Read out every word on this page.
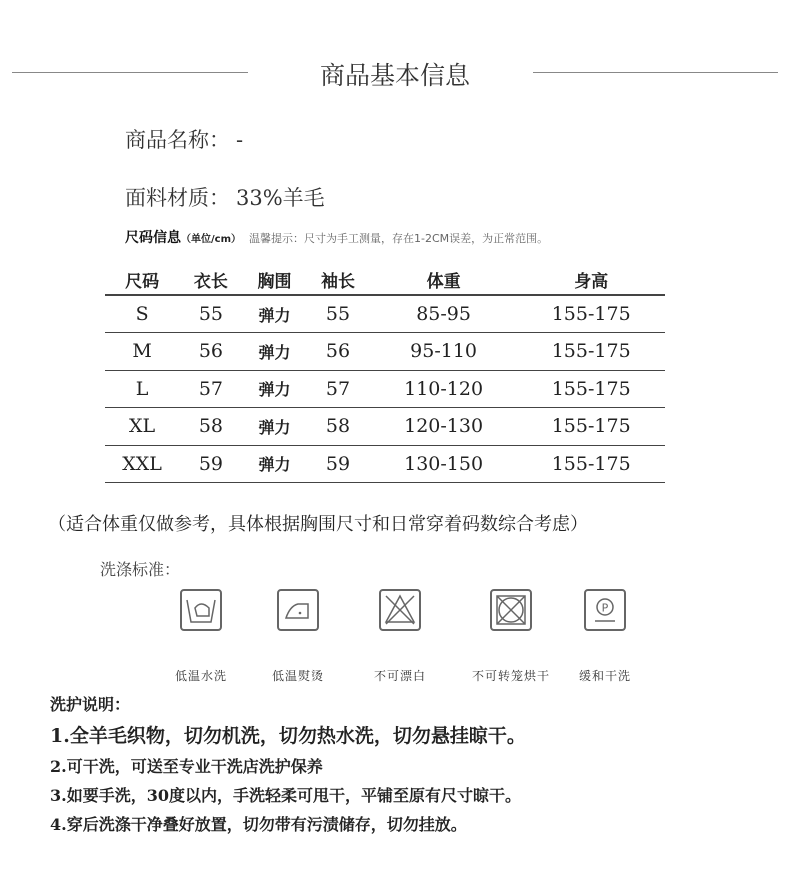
商品基本信息
商品名称： -
面料材质： 33%羊毛
尺码信息（单位/cm） 温馨提示：尺寸为手工测量，存在1-2CM误差，为正常范围。
尺码	衣长	胸围	袖长	体重	身高
S	55	弹力	55	85-95	155-175
M	56	弹力	56	95-110	155-175
L	57	弹力	57	110-120	155-175
XL	58	弹力	58	120-130	155-175
XXL	59	弹力	59	130-150	155-175
（适合体重仅做参考，具体根据胸围尺寸和日常穿着码数综合考虑）
洗涤标准：
低温水洗	低温熨烫	不可漂白	不可转笼烘干
P
缓和干洗
洗护说明：
1.全羊毛织物，切勿机洗，切勿热水洗，切勿悬挂晾干。
2.可干洗，可送至专业干洗店洗护保养
3.如要手洗，30度以内，手洗轻柔可甩干，平铺至原有尺寸晾干。
4.穿后洗涤干净叠好放置，切勿带有污渍储存，切勿挂放。
